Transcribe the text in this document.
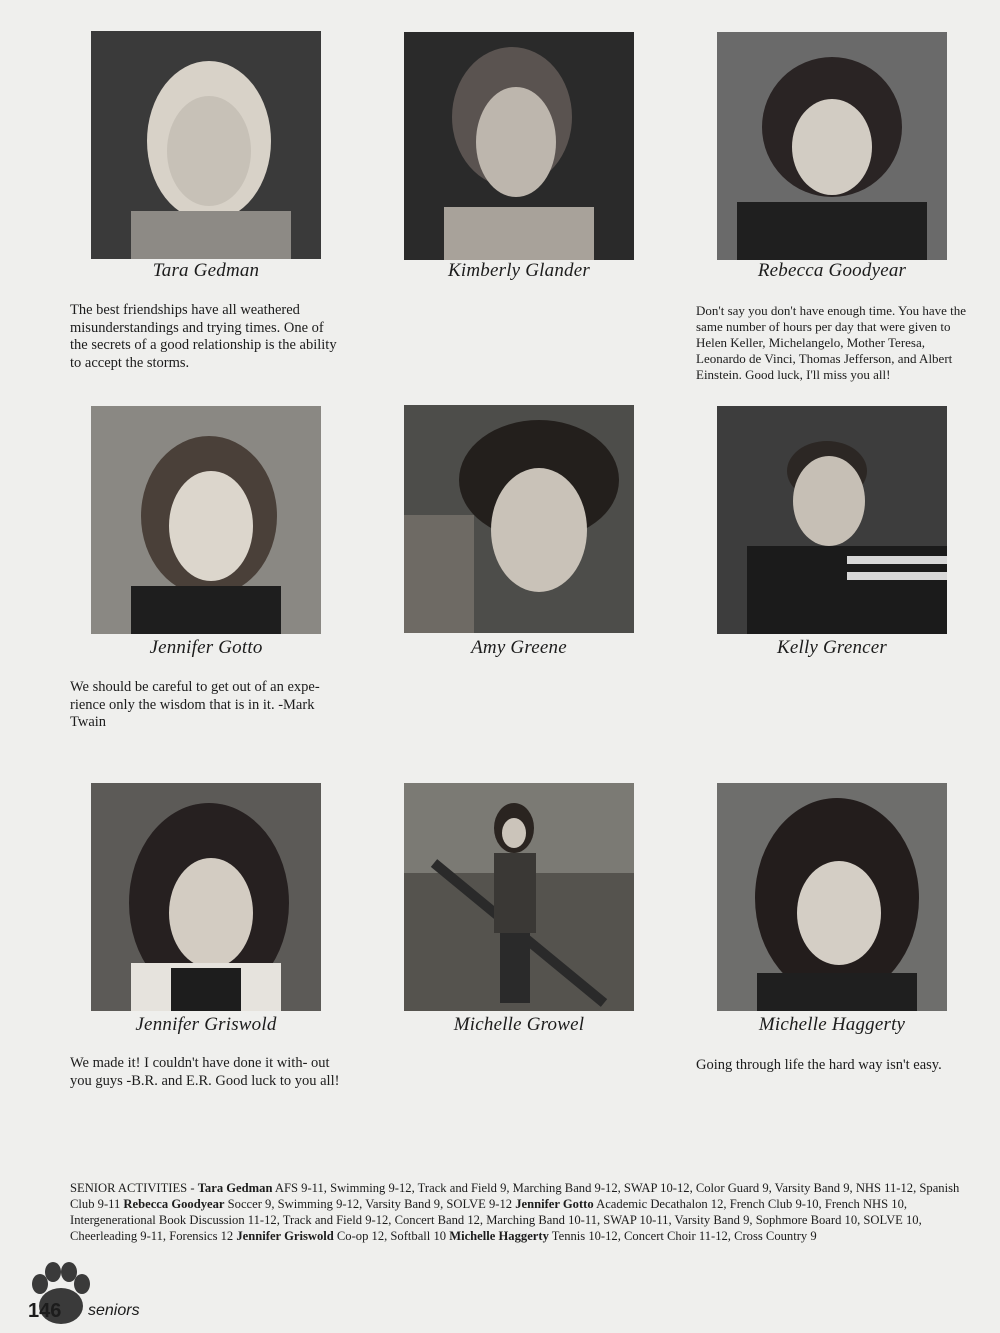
Tara Gedman
The best friendships have all weathered misunderstandings and trying times. One of the secrets of a good relationship is the ability to accept the storms.
Kimberly Glander	Rebecca Goodyear
Don't say you don't have enough time. You have the same number of hours per day that were given to Helen Keller, Michelangelo, Mother Teresa, Leonardo de Vinci, Thomas Jefferson, and Albert Einstein. Good luck, I'll miss you all!
Jennifer Gotto
We should be careful to get out of an expe- rience only the wisdom that is in it. -Mark Twain
Amy Greene	Kelly Grencer
Jennifer Griswold
We made it! I couldn't have done it with- out you guys -B.R. and E.R. Good luck to you all!
Michelle Growel	Michelle Haggerty
Going through life the hard way isn't easy.
SENIOR ACTIVITIES - Tara Gedman AFS 9-11, Swimming 9-12, Track and Field 9, Marching Band 9-12, SWAP 10-12, Color Guard 9, Varsity Band 9, NHS 11-12, Spanish Club 9-11 Rebecca Goodyear Soccer 9, Swimming 9-12, Varsity Band 9, SOLVE 9-12 Jennifer Gotto Academic Decathalon 12, French Club 9-10, French NHS 10, Intergenerational Book Discussion 11-12, Track and Field 9-12, Concert Band 12, Marching Band 10-11, SWAP 10-11, Varsity Band 9, Sophmore Board 10, SOLVE 10, Cheerleading 9-11, Forensics 12 Jennifer Griswold Co-op 12, Softball 10 Michelle Haggerty Tennis 10-12, Concert Choir 11-12, Cross Country 9
146 seniors
